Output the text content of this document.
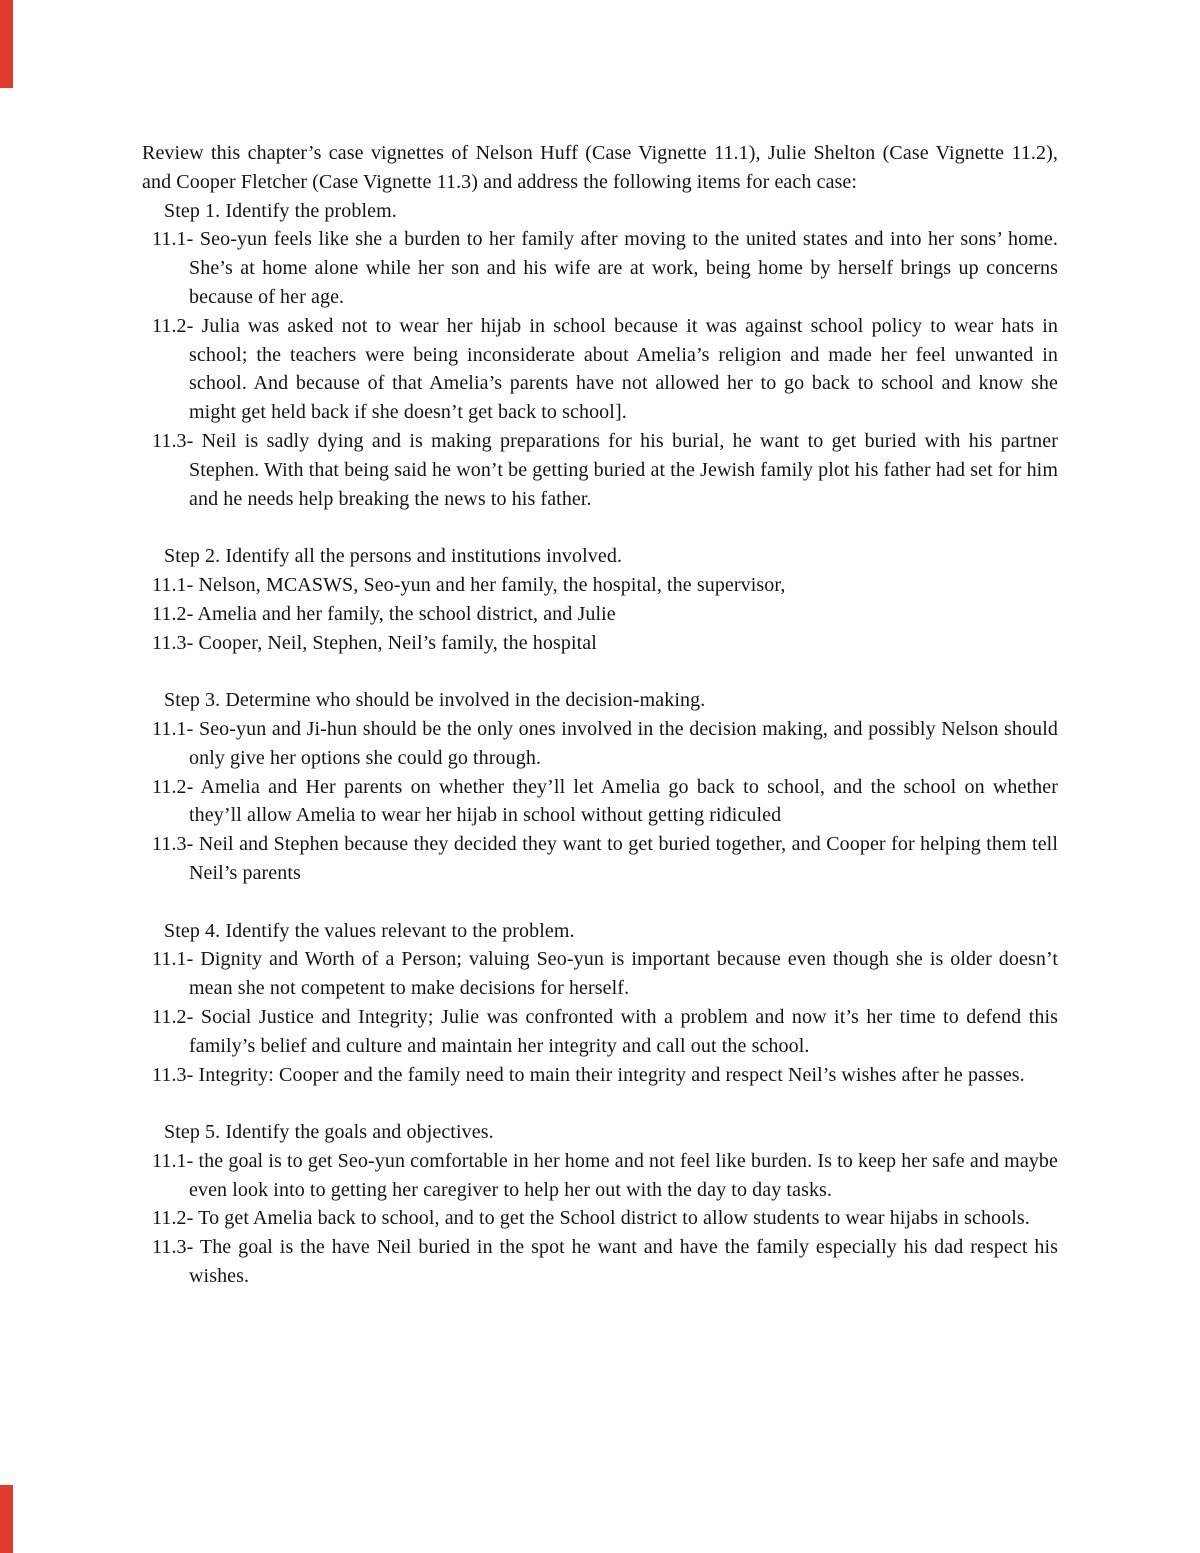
Review this chapter’s case vignettes of Nelson Huff (Case Vignette 11.1), Julie Shelton (Case Vignette 11.2), and Cooper Fletcher (Case Vignette 11.3) and address the following items for each case:

Step 1. Identify the problem.

11.1- Seo-yun feels like she a burden to her family after moving to the united states and into her sons’ home. She’s at home alone while her son and his wife are at work, being home by herself brings up concerns because of her age.

11.2- Julia was asked not to wear her hijab in school because it was against school policy to wear hats in school; the teachers were being inconsiderate about Amelia’s religion and made her feel unwanted in school. And because of that Amelia’s parents have not allowed her to go back to school and know she might get held back if she doesn’t get back to school].

11.3- Neil is sadly dying and is making preparations for his burial, he want to get buried with his partner Stephen. With that being said he won’t be getting buried at the Jewish family plot his father had set for him and he needs help breaking the news to his father.

Step 2. Identify all the persons and institutions involved.

11.1- Nelson, MCASWS, Seo-yun and her family, the hospital, the supervisor,

11.2- Amelia and her family, the school district, and Julie

11.3- Cooper, Neil, Stephen, Neil’s family, the hospital

Step 3. Determine who should be involved in the decision-making.

11.1- Seo-yun and Ji-hun should be the only ones involved in the decision making, and possibly Nelson should only give her options she could go through.

11.2- Amelia and Her parents on whether they’ll let Amelia go back to school, and the school on whether they’ll allow Amelia to wear her hijab in school without getting ridiculed

11.3- Neil and Stephen because they decided they want to get buried together, and Cooper for helping them tell Neil’s parents

Step 4. Identify the values relevant to the problem.

11.1- Dignity and Worth of a Person; valuing Seo-yun is important because even though she is older doesn’t mean she not competent to make decisions for herself.

11.2- Social Justice and Integrity; Julie was confronted with a problem and now it’s her time to defend this family’s belief and culture and maintain her integrity and call out the school.

11.3- Integrity: Cooper and the family need to main their integrity and respect Neil’s wishes after he passes.

Step 5. Identify the goals and objectives.

11.1- the goal is to get Seo-yun comfortable in her home and not feel like burden. Is to keep her safe and maybe even look into to getting her caregiver to help her out with the day to day tasks.

11.2- To get Amelia back to school, and to get the School district to allow students to wear hijabs in schools.

11.3- The goal is the have Neil buried in the spot he want and have the family especially his dad respect his wishes.
